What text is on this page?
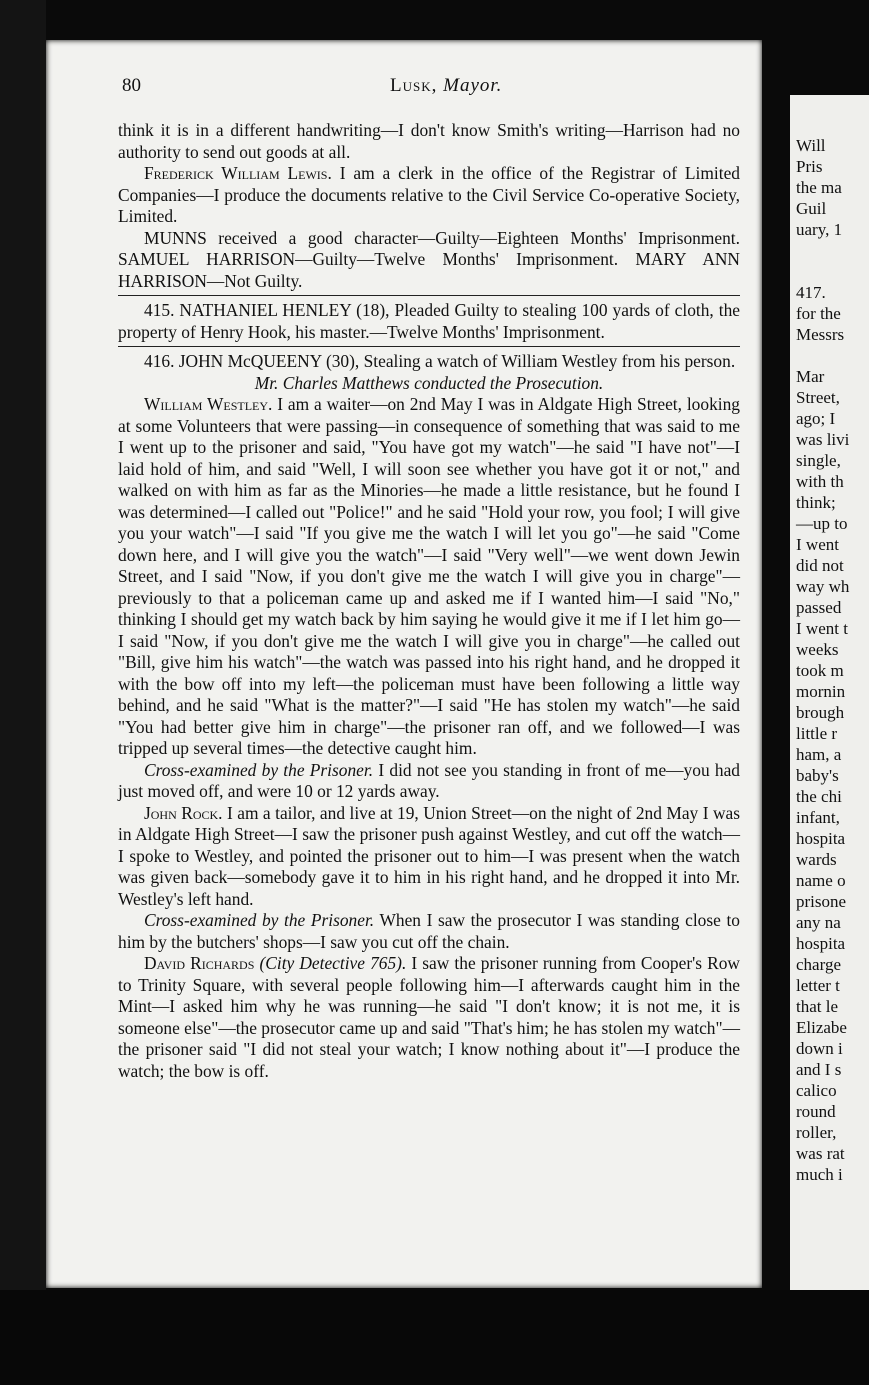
80	Lusk, Mayor.

think it is in a different handwriting—I don't know Smith's writing—Harrison had no authority to send out goods at all.

Frederick William Lewis. I am a clerk in the office of the Registrar of Limited Companies—I produce the documents relative to the Civil Service Co-operative Society, Limited.

MUNNS received a good character—Guilty—Eighteen Months' Imprisonment. SAMUEL HARRISON—Guilty—Twelve Months' Imprisonment. MARY ANN HARRISON—Not Guilty.

415. NATHANIEL HENLEY (18), Pleaded Guilty to stealing 100 yards of cloth, the property of Henry Hook, his master.—Twelve Months' Imprisonment.

416. JOHN McQUEENY (30), Stealing a watch of William Westley from his person.

Mr. Charles Matthews conducted the Prosecution.

William Westley. I am a waiter—on 2nd May I was in Aldgate High Street, looking at some Volunteers that were passing—in consequence of something that was said to me I went up to the prisoner and said, "You have got my watch"—he said "I have not"—I laid hold of him, and said "Well, I will soon see whether you have got it or not," and walked on with him as far as the Minories—he made a little resistance, but he found I was determined—I called out "Police!" and he said "Hold your row, you fool; I will give you your watch"—I said "If you give me the watch I will let you go"—he said "Come down here, and I will give you the watch"—I said "Very well"—we went down Jewin Street, and I said "Now, if you don't give me the watch I will give you in charge"—previously to that a policeman came up and asked me if I wanted him—I said "No," thinking I should get my watch back by him saying he would give it me if I let him go—I said "Now, if you don't give me the watch I will give you in charge"—he called out "Bill, give him his watch"—the watch was passed into his right hand, and he dropped it with the bow off into my left—the policeman must have been following a little way behind, and he said "What is the matter?"—I said "He has stolen my watch"—he said "You had better give him in charge"—the prisoner ran off, and we followed—I was tripped up several times—the detective caught him.

Cross-examined by the Prisoner. I did not see you standing in front of me—you had just moved off, and were 10 or 12 yards away.

John Rock. I am a tailor, and live at 19, Union Street—on the night of 2nd May I was in Aldgate High Street—I saw the prisoner push against Westley, and cut off the watch—I spoke to Westley, and pointed the prisoner out to him—I was present when the watch was given back—somebody gave it to him in his right hand, and he dropped it into Mr. Westley's left hand.

Cross-examined by the Prisoner. When I saw the prosecutor I was standing close to him by the butchers' shops—I saw you cut off the chain.

David Richards (City Detective 765). I saw the prisoner running from Cooper's Row to Trinity Square, with several people following him—I afterwards caught him in the Mint—I asked him why he was running—he said "I don't know; it is not me, it is someone else"—the prosecutor came up and said "That's him; he has stolen my watch"—the prisoner said "I did not steal your watch; I know nothing about it"—I produce the watch; the bow is off.

Will
Pris
the ma
Guil
uary, 1
417.
for the
Messrs
Mar
Street,
ago; I
was livi
single,
with th
think;
—up to
I went
did not
way wh
passed
I went t
weeks
took m
mornin
brough
little r
ham, a
baby's
the chi
infant,
hospita
wards
name o
prisone
any na
hospita
charge
letter t
that le
Elizabe
down i
and I s
calico
round
roller,
was rat
much i
